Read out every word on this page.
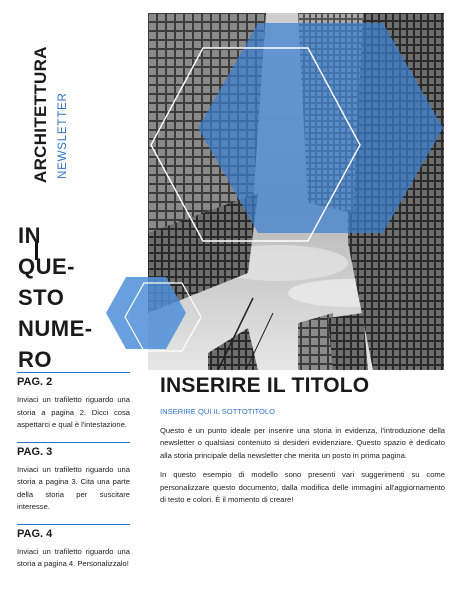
ARCHITETTURA NEWSLETTER
IN
QUE-
STO
NUME-
RO
PAG. 2
Inviaci un trafiletto riguardo una storia a pagina 2. Dicci cosa aspettarci e qual è l'intestazione.
PAG. 3
Inviaci un trafiletto riguardo una storia a pagina 3. Cita una parte della storia per suscitare interesse.
PAG. 4
Inviaci un trafiletto riguardo una storia a pagina 4. Personalizzalo!
INSERIRE IL TITOLO
INSERIRE QUI IL SOTTOTITOLO

Questo è un punto ideale per inserire una storia in evidenza, l'introduzione della newsletter o qualsiasi contenuto si desideri evidenziare. Questo spazio è dedicato alla storia principale della newsletter che merita un posto in prima pagina.

In questo esempio di modello sono presenti vari suggerimenti su come personalizzare questo documento, dalla modifica delle immagini all'aggiornamento di testo e colori. È il momento di creare!
